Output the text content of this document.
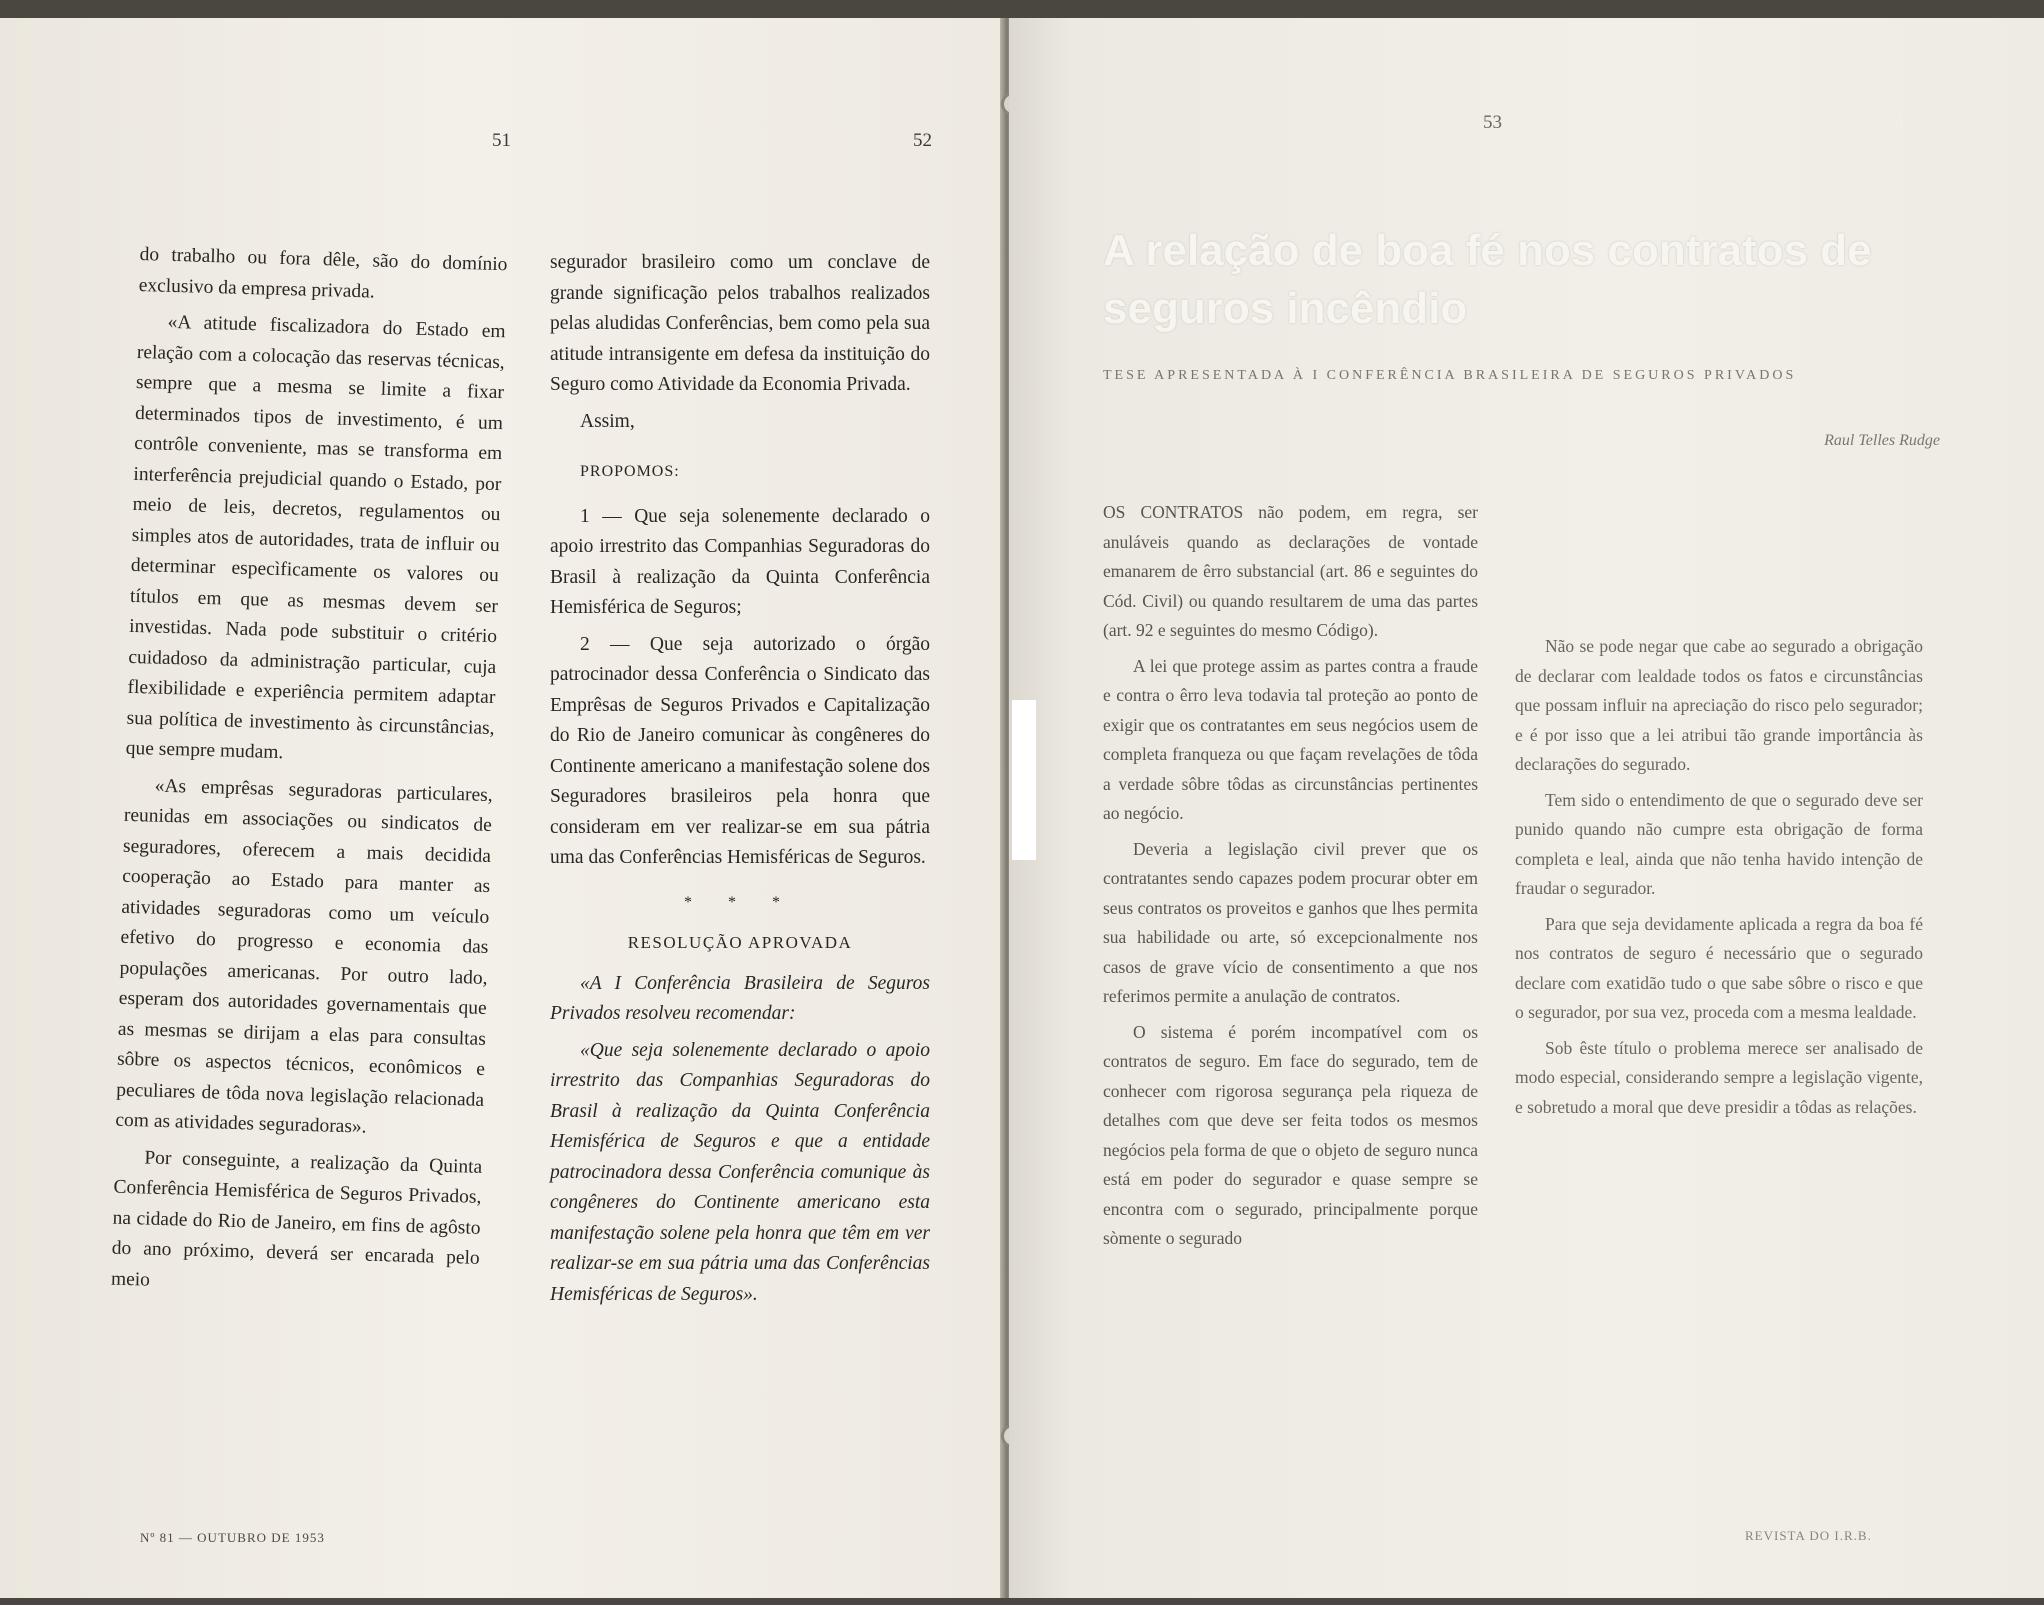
51

do trabalho ou fora dêle, são do domínio exclusivo da empresa privada.

«A atitude fiscalizadora do Estado em relação com a colocação das reservas técnicas, sempre que a mesma se limite a fixar determinados tipos de investimento, é um contrôle conveniente, mas se transforma em interferência prejudicial quando o Estado, por meio de leis, decretos, regulamentos ou simples atos de autoridades, trata de influir ou determinar especìficamente os valores ou títulos em que as mesmas devem ser investidas. Nada pode substituir o critério cuidadoso da administração particular, cuja flexibilidade e experiência permitem adaptar sua política de investimento às circunstâncias, que sempre mudam.

«As emprêsas seguradoras particulares, reunidas em associações ou sindicatos de seguradores, oferecem a mais decidida cooperação ao Estado para manter as atividades seguradoras como um veículo efetivo do progresso e economia das populações americanas. Por outro lado, esperam dos autoridades governamentais que as mesmas se dirijam a elas para consultas sôbre os aspectos técnicos, econômicos e peculiares de tôda nova legislação relacionada com as atividades seguradoras».

Por conseguinte, a realização da Quinta Conferência Hemisférica de Seguros Privados, na cidade do Rio de Janeiro, em fins de agôsto do ano próximo, deverá ser encarada pelo meio

52

segurador brasileiro como um conclave de grande significação pelos trabalhos realizados pelas aludidas Conferências, bem como pela sua atitude intransigente em defesa da instituição do Seguro como Atividade da Economia Privada.

Assim,

PROPOMOS:

1 — Que seja solenemente declarado o apoio irrestrito das Companhias Seguradoras do Brasil à realização da Quinta Conferência Hemisférica de Seguros;

2 — Que seja autorizado o órgão patrocinador dessa Conferência o Sindicato das Emprêsas de Seguros Privados e Capitalização do Rio de Janeiro comunicar às congêneres do Continente americano a manifestação solene dos Seguradores brasileiros pela honra que consideram em ver realizar-se em sua pátria uma das Conferências Hemisféricas de Seguros.

* * *

RESOLUÇÃO APROVADA

«A I Conferência Brasileira de Seguros Privados resolveu recomendar:

«Que seja solenemente declarado o apoio irrestrito das Companhias Seguradoras do Brasil à realização da Quinta Conferência Hemisférica de Seguros e que a entidade patrocinadora dessa Conferência comunique às congêneres do Continente americano esta manifestação solene pela honra que têm em ver realizar-se em sua pátria uma das Conferências Hemisféricas de Seguros».

Nº 81 — OUTUBRO DE 1953
53	54
A relação de boa fé nos contratos de seguros incêndio
TESE APRESENTADA À I CONFERÊNCIA BRASILEIRA DE SEGUROS PRIVADOS
Raul Telles Rudge

OS CONTRATOS não podem, em regra, ser anuláveis quando as declarações de vontade emanarem de êrro substancial (art. 86 e seguintes do Cód. Civil) ou quando resultarem de uma das partes (art. 92 e seguintes do mesmo Código).

A lei que protege assim as partes contra a fraude e contra o êrro leva todavia tal proteção ao ponto de exigir que os contratantes em seus negócios usem de completa franqueza ou que façam revelações de tôda a verdade sôbre tôdas as circunstâncias pertinentes ao negócio.

Deveria a legislação civil prever que os contratantes sendo capazes podem procurar obter em seus contratos os proveitos e ganhos que lhes permita sua habilidade ou arte, só excepcionalmente nos casos de grave vício de consentimento a que nos referimos permite a anulação de contratos.

O sistema é porém incompatível com os contratos de seguro. Em face do segurado, tem de conhecer com rigorosa segurança pela riqueza de detalhes com que deve ser feita todos os mesmos negócios pela forma de que o objeto de seguro nunca está em poder do segurador e quase sempre se encontra com o segurado, principalmente porque sòmente o segurado

Não se pode negar que cabe ao segurado a obrigação de declarar com lealdade todos os fatos e circunstâncias que possam influir na apreciação do risco pelo segurador; e é por isso que a lei atribui tão grande importância às declarações do segurado.

Tem sido o entendimento de que o segurado deve ser punido quando não cumpre esta obrigação de forma completa e leal, ainda que não tenha havido intenção de fraudar o segurador.

Para que seja devidamente aplicada a regra da boa fé nos contratos de seguro é necessário que o segurado declare com exatidão tudo o que sabe sôbre o risco e que o segurador, por sua vez, proceda com a mesma lealdade.

Sob êste título o problema merece ser analisado de modo especial, considerando sempre a legislação vigente, e sobretudo a moral que deve presidir a tôdas as relações.

REVISTA DO I.R.B.
